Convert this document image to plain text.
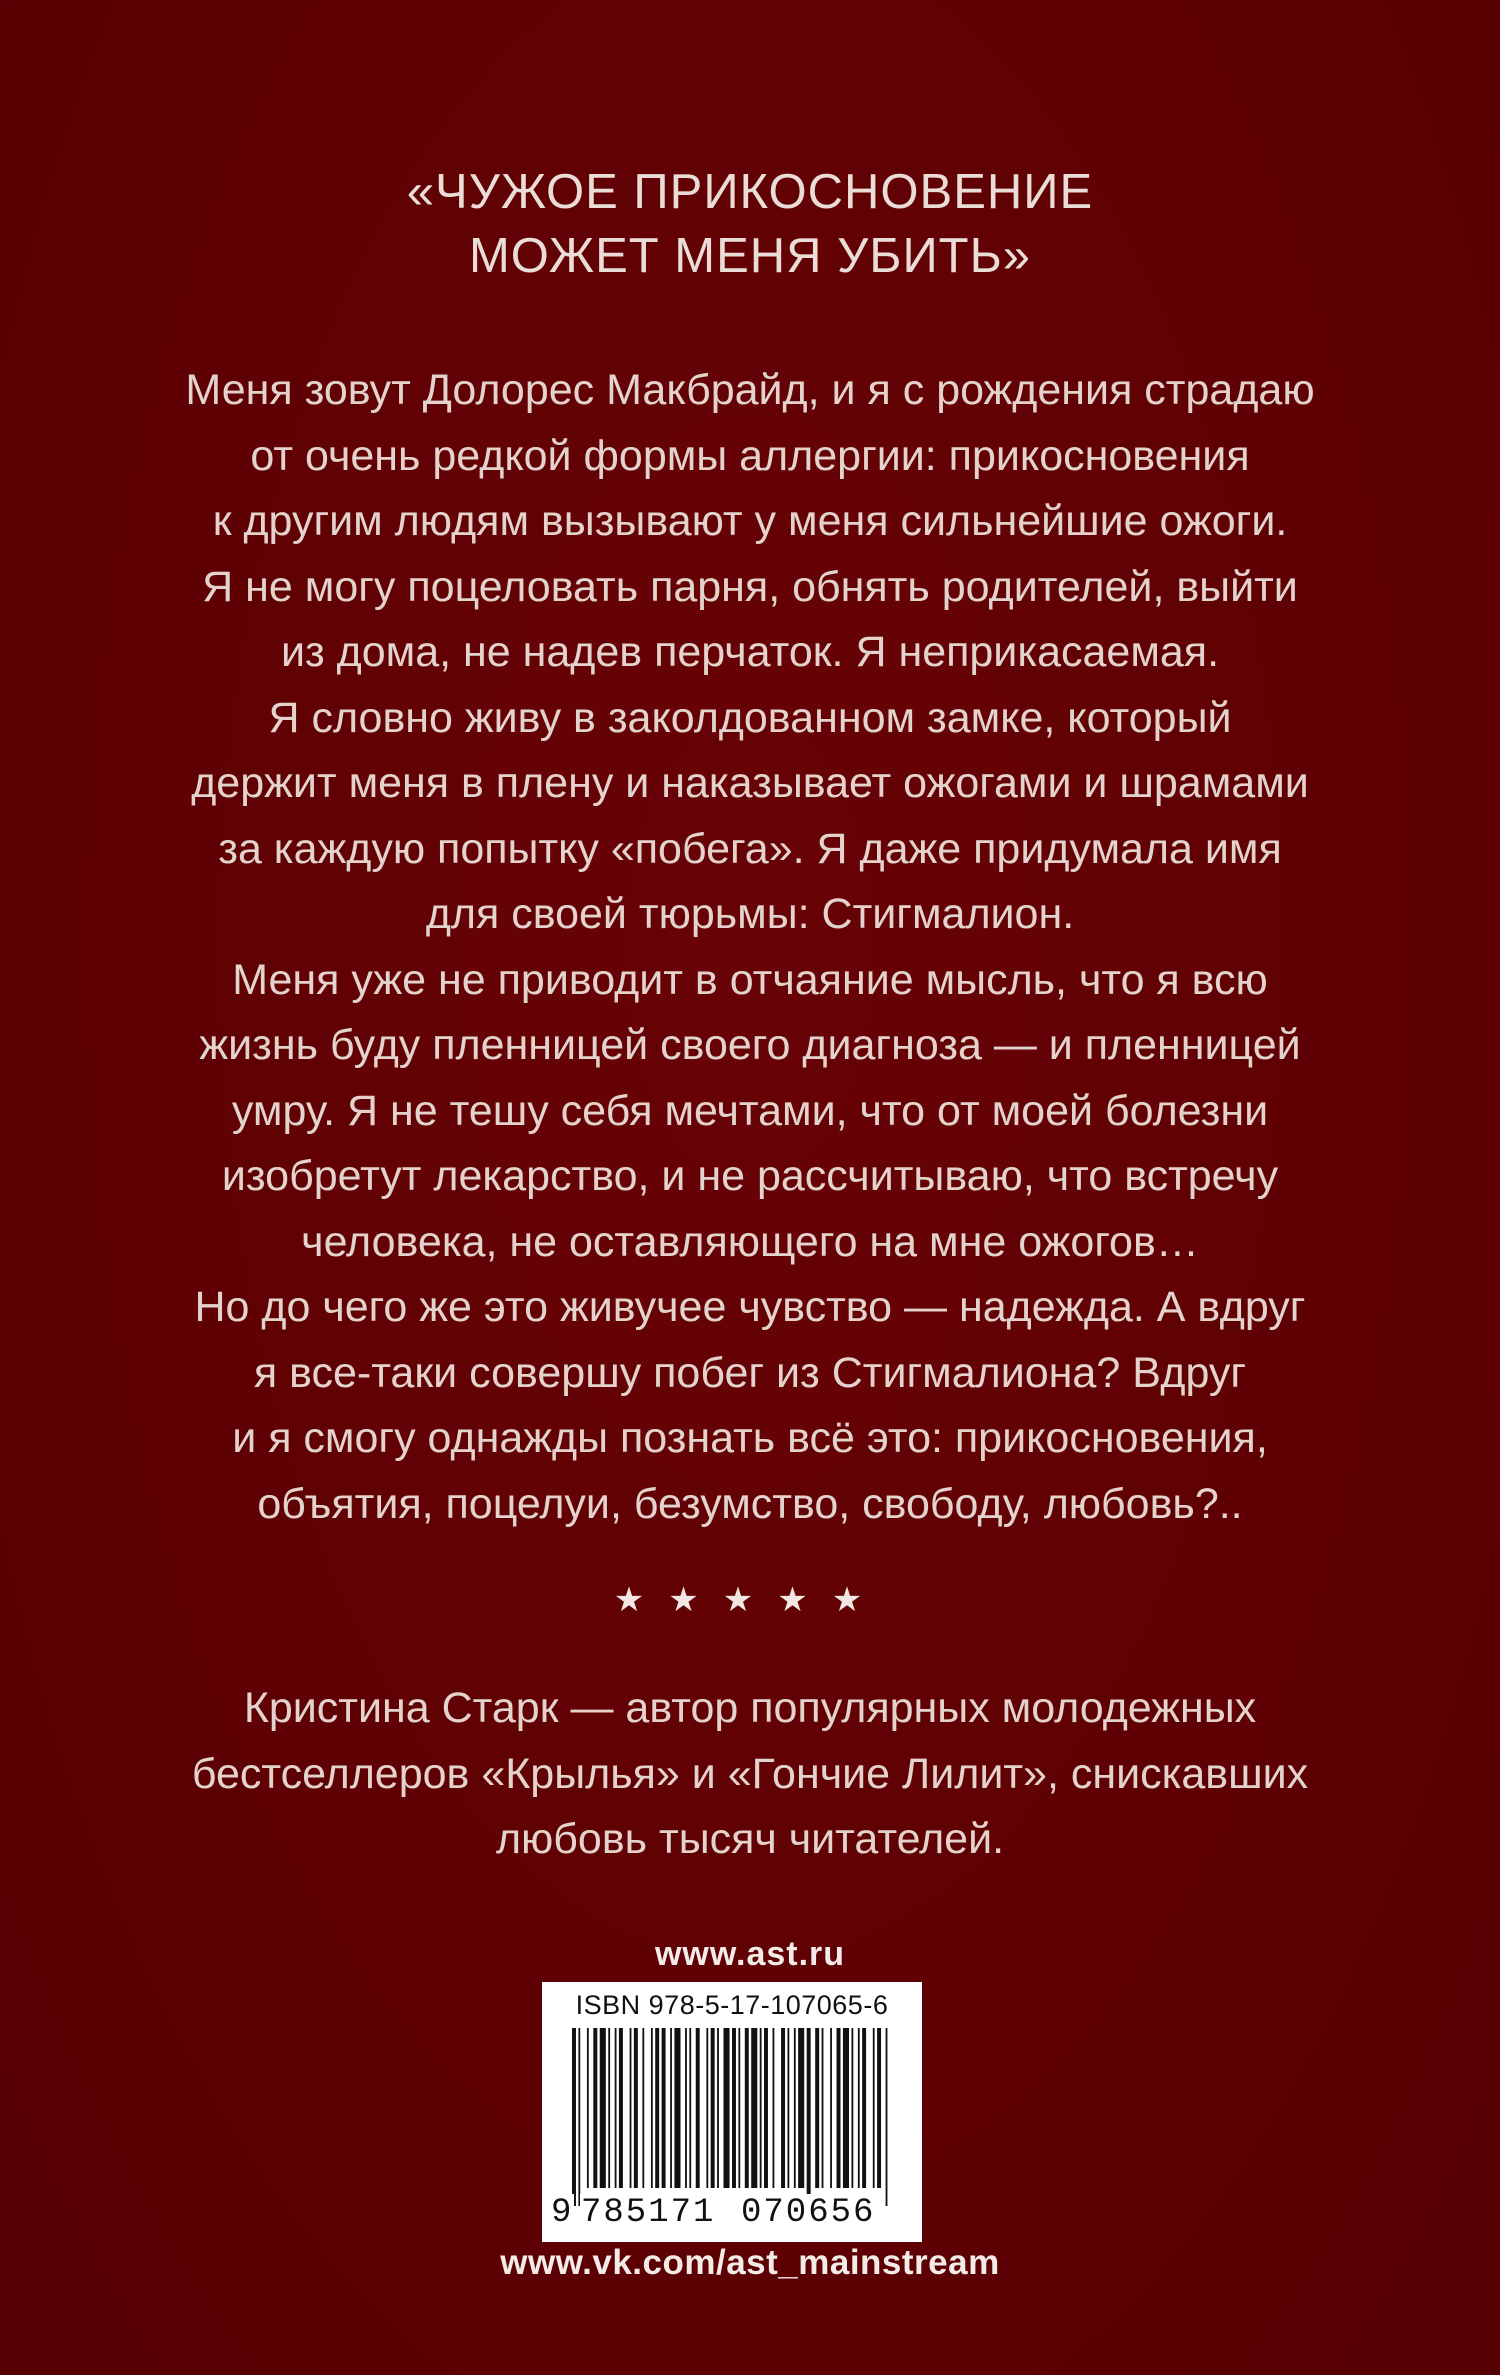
«ЧУЖОЕ ПРИКОСНОВЕНИЕ
МОЖЕТ МЕНЯ УБИТЬ»
Меня зовут Долорес Макбрайд, и я с рождения страдаю
от очень редкой формы аллергии: прикосновения
к другим людям вызывают у меня сильнейшие ожоги.
Я не могу поцеловать парня, обнять родителей, выйти
из дома, не надев перчаток. Я неприкасаемая.
Я словно живу в заколдованном замке, который
держит меня в плену и наказывает ожогами и шрамами
за каждую попытку «побега». Я даже придумала имя
для своей тюрьмы: Стигмалион.
Меня уже не приводит в отчаяние мысль, что я всю
жизнь буду пленницей своего диагноза — и пленницей
умру. Я не тешу себя мечтами, что от моей болезни
изобретут лекарство, и не рассчитываю, что встречу
человека, не оставляющего на мне ожогов…
Но до чего же это живучее чувство — надежда. А вдруг
я все-таки совершу побег из Стигмалиона? Вдруг
и я смогу однажды познать всё это: прикосновения,
объятия, поцелуи, безумство, свободу, любовь?..
★★★★★
Кристина Старк — автор популярных молодежных
бестселлеров «Крылья» и «Гончие Лилит», снискавших
любовь тысяч читателей.
www.ast.ru
ISBN 978-5-17-107065-6
9 785171 070656
www.vk.com/ast_mainstream
